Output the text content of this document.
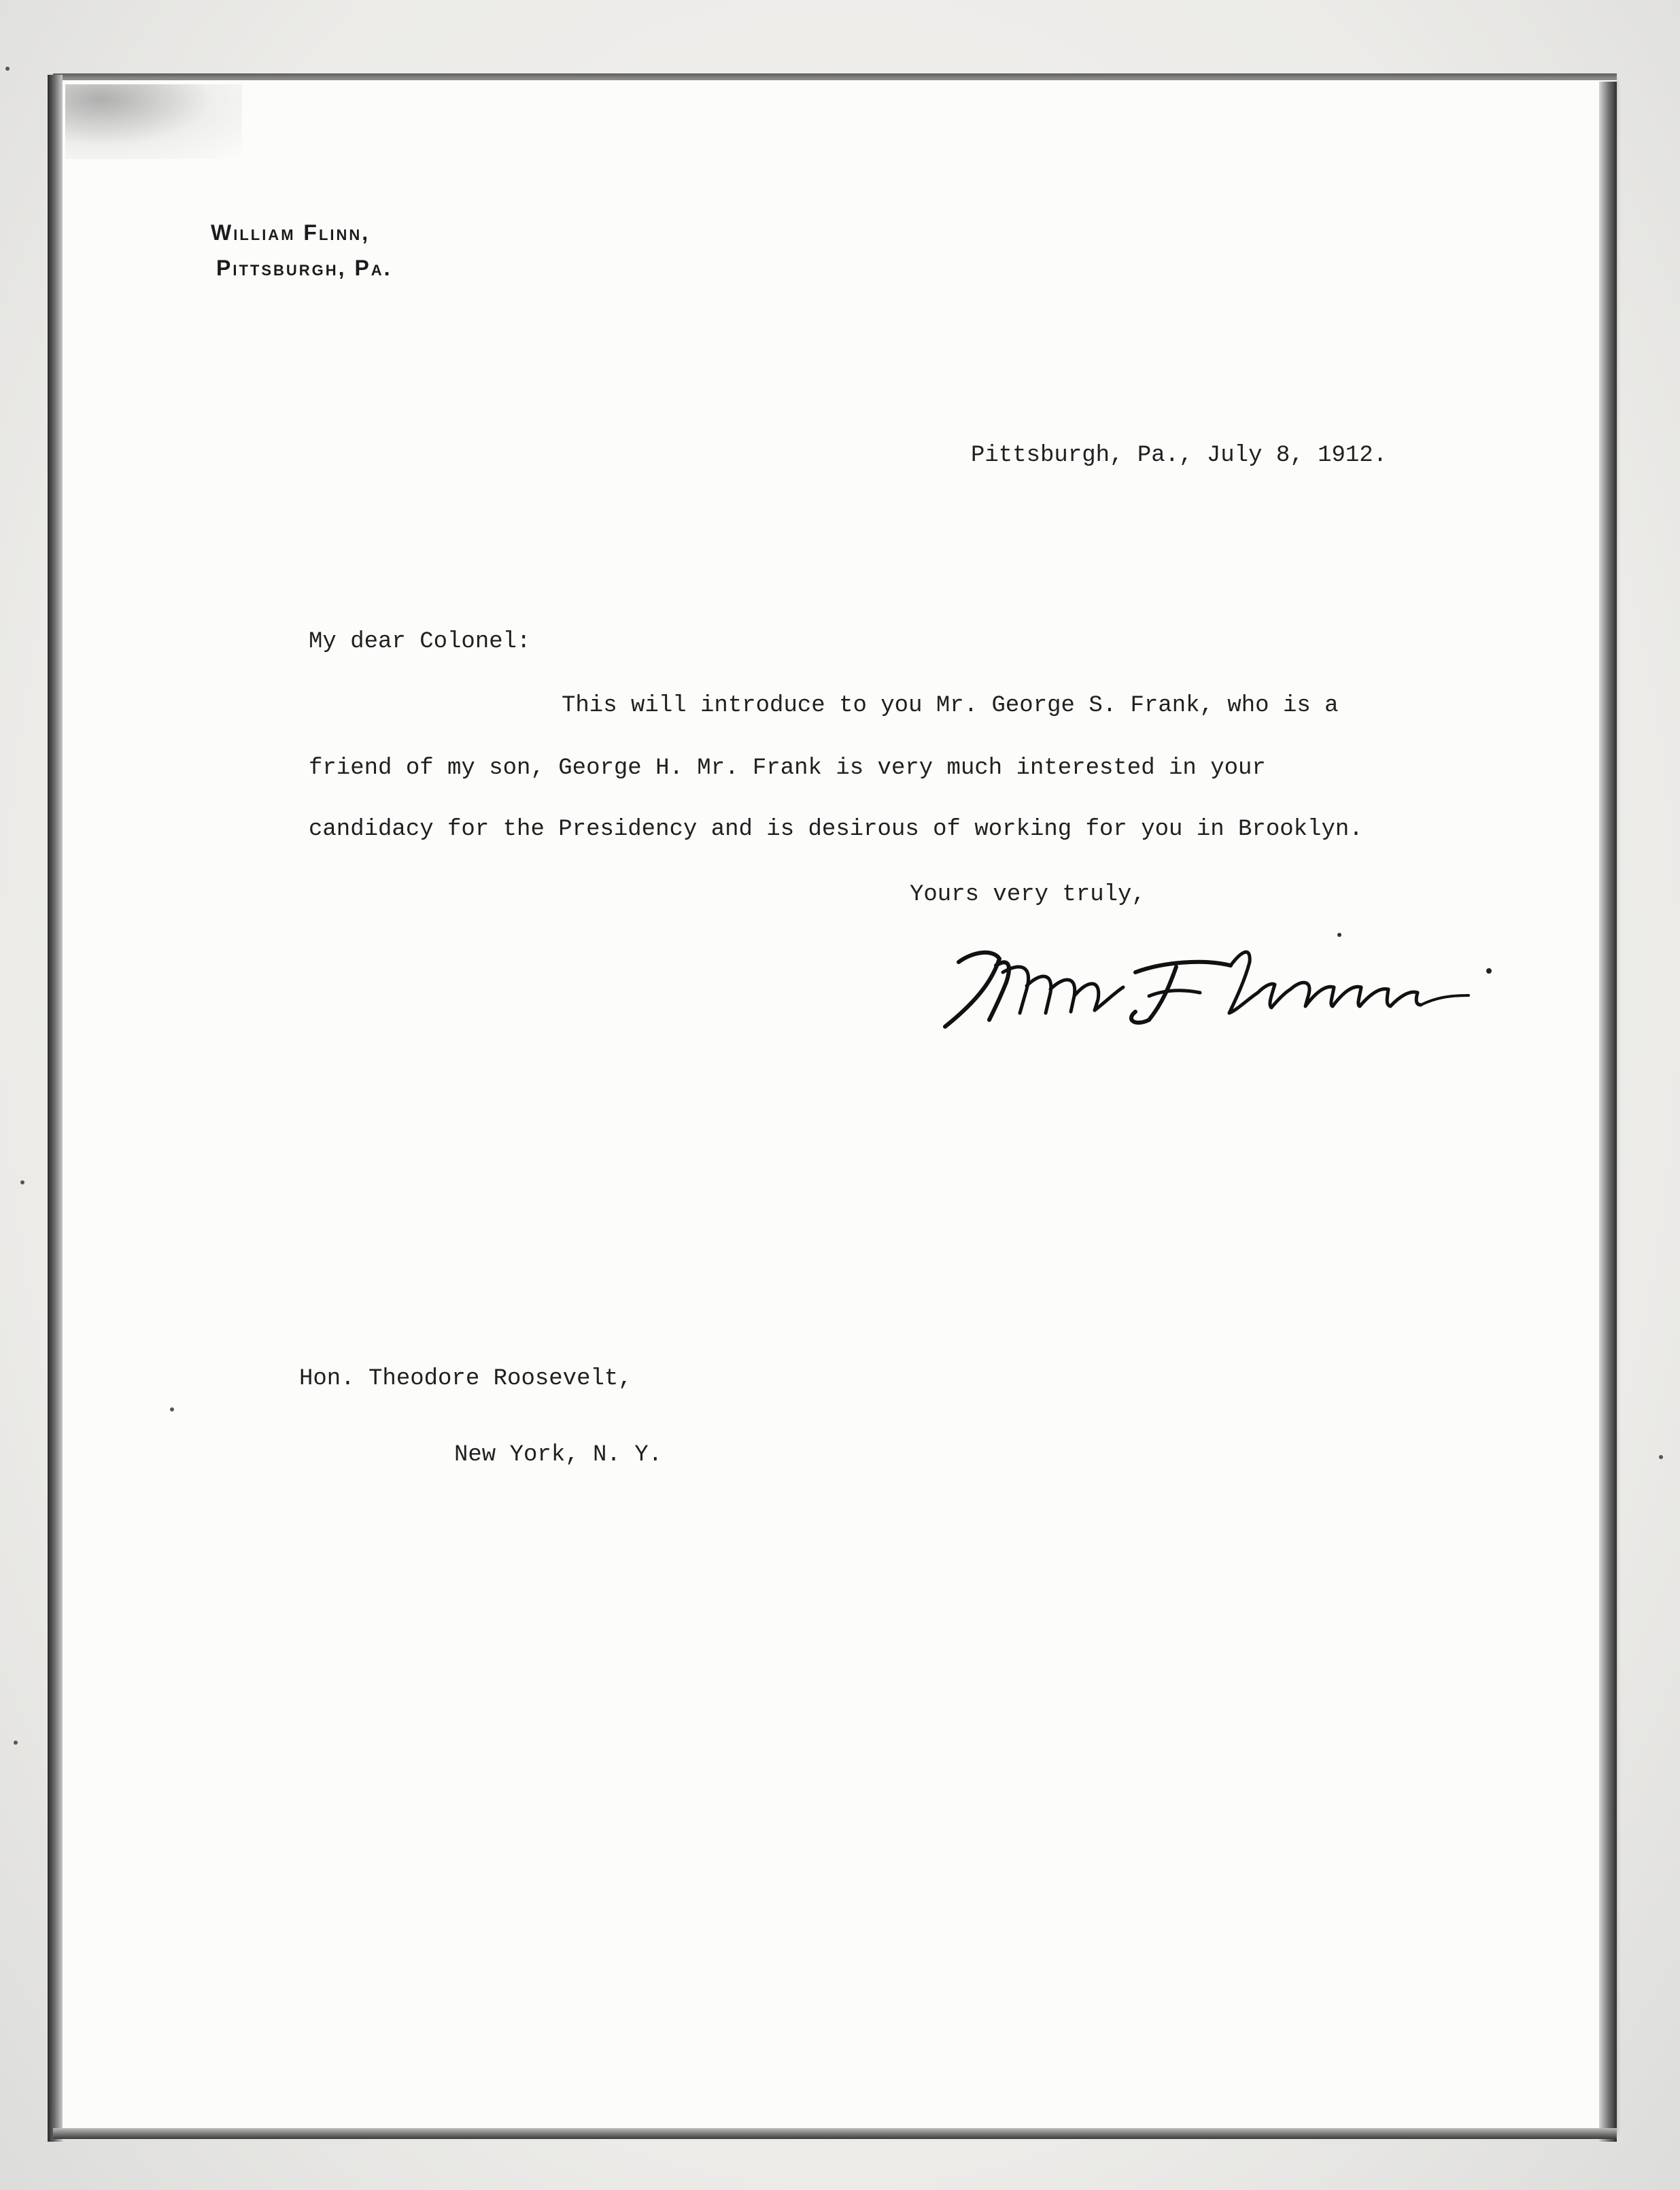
William Flinn,
Pittsburgh, Pa.
Pittsburgh, Pa., July 8, 1912.
My dear Colonel:
This will introduce to you Mr. George S. Frank, who is a
friend of my son, George H. Mr. Frank is very much interested in your
candidacy for the Presidency and is desirous of working for you in Brooklyn.
Yours very truly,
Hon. Theodore Roosevelt,
New York, N. Y.
